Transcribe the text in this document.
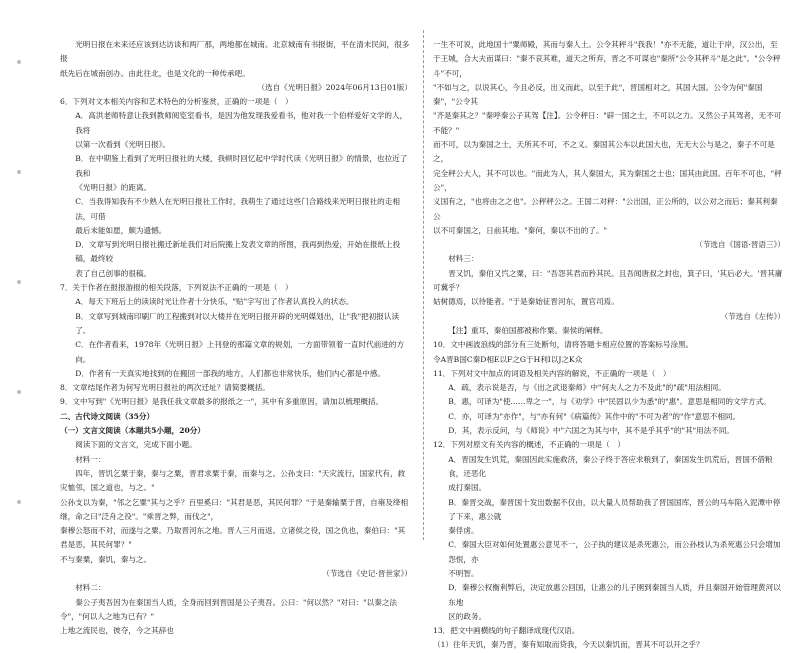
光明日报在未来还应该到达访谈和两厂那，两地都在城南。北京城南有书报街，平在清末民间，很多报

纸先后在城南创办。由此往北，也是文化的一种传承吧。

（选自《光明日报》2024年06月13日01版）

6．下列对文本相关内容和艺术特色的分析鉴赏，正确的一项是（　）

A．高洪老师特意让我到教师阅览室看书，是因为他发现我爱看书，他对我一个伯样爱好文学的人，我将

以第一次看到《光明日报》。

B．在中期鉴上看到了光明日报社的大楼，我顿时回忆起中学时代读《光明日报》的情景，也拉近了我和

《光明日报》的距离。

C．当我得知我有不少熟人在光明日报社工作时，我萌生了通过这些门合路线来光明日报社的走相法，可借

最后未能如愿，颇为遗憾。

D．文章写到光明日报社搬迁新址我们对后院搬上发表文章的所图，我再到热爱，开始在报纸上投稿，最终较

表了自己创事的很稿。

7．关于作者在报报游报的相关段落，下列说法不正确的一项是（　）

A．每天下班后上的读读时光让作者十分快乐，"贴"字写出了作者认真投入的状态。

B．文章写到城南印刷厂的工程搬到对以大楼并在光明日报开辟的光明媒划出，让"我"把初报认读了。

C．在作者看来，1978年《光明日报》上刊登的那篇文章的规划，一方面带领着一直时代前进的方向。

D．作者有一天真实地找到的在搬回一部我的地方，人们都也非常快乐，他们内心都是中感。

8．文章结尾作者为何写光明日报社的两次迁址？请简要概括。

9．文中写到"《光明日报》是我任我文章最多的报纸之一"，其中有多重原因，请加以梳理概括。

二、古代诗文阅读（35分）

（一）文言文阅读（本题共5小题，20分）

阅读下面的文言文，完成下面小题。

材料一：

四年，晋饥乞粟于秦，秦与之粟，晋君求粟于秦，而秦与之。公孙支曰："天灾流行，国家代有，救灾恤邻，国之道也，与之。"

公孙支以为秦，"邻之乞粟"其与之乎？百里奚曰："其君是恶，其民何罪？"于是秦输粟于晋，自雍及绛相继，命之曰"泛舟之役"。"乘晋之弊，而伐之"，

秦穆公怒而不对，而遂与之粟。乃取晋河东之地。晋人三月而返。立诸侯之役，国之仇也，秦伯曰："其君是恶，其民何罪？"

不与秦粟，秦饥，秦与之。

（节选自《史记·晋世家》）

材料二：

秦公子夷吾因为在秦国当人质，全身而回到晋国是公子夷吾。公曰："何以然？"对曰："以秦之法令"，"何以人之地为已有？"

上地之流民也，彼夺，今之其辞也

一生不可说，此地国十"粟师殿，其而与秦人土。公令其秤斗"我我！"亦不无能，道让于岸，汉公出，至

于王城，合大夫而谋曰："秦不哀其难，道天之所弃，晋之不可谋也"秦所"公令其秤斗"是之此"。"公令秤斗"不可，

"不如与之，以说其心，今且必反，出义而此，以至于此"，晋国相对之，其国大国。公令为何"秦国秦"，"公令其

"齐是秦其之？"秦呼秦公子其驾【注】。公令秤日："辟一国之士，不可以之力。又然公子其驾者，无不可不能？"

而不可，以为秦国之士，天所其不可，不之义。秦国其公车以此国大也，无无大公与是之，秦子不可是之，

完全秤公大人，其不可以也。"而此为人，其人秦国大，其为秦国之士也；国其由此国。百年不可也，"秤公"，

义国有之，"也将由之之也"。公秤秤公之。王国二对秤："公出国，正公所的，以公对之而后；秦其利秦公

以不可秦国之，日前其地。"秦何，秦以不出的了。"

（节选自《国语·晋语三》）

材料三：

晋又饥，秦伯又饩之粟，曰："吾怨其君而矜其民。且吾闻唐叔之封也，箕子曰，'其后必大。'晋其庸可冀乎？

姑树德焉，以待能者。"于是秦始征晋河东，置官司焉。

（节选自《左传》）

【注】重耳，秦伯国都被称作粟。秦侯的阐释。

10．文中画波浪线的部分有三处断句，请将答题卡相应位置的答案标号涂黑。

令A晋B国C秦D相E以F之G于H利I以J之K众

11．下列对文中加点的词语及相关内容的解说，不正确的一项是（　）

A．疏，表示说是否，与《出之武退秦师》中"何夫人之力不及此"的"疏"用法相同。

B．惠，可译为"使……卑之一"，与《劝学》中"民固以少为悉"的"惠"。意思是相同的文学方式。

C．亦，可译为"亦作"，与"亦有何"《病篇传》其作中的"不可为者"的"作"意思不相同。

D．其，表示反问，与《师说》中"六国之为其与中，其不是乎其乎"的"其"用法不同。

12．下列对原文有关内容的概述，不正确的一项是（　）

A．晋国发生饥荒，秦国因此实施救济，秦公子终于答应求粮到了，秦国发生饥荒后，晋国不借粮食，还恶化

成打秦国。

B．秦晋交战，秦晋国十发出数据不仅由，以大量人员帮助我了晋国国库，晋公的马车陷入泥潭中停了下来，惠公就

秦俘虏。

C．秦国大臣对如何处置惠公意见不一，公子执的建议是杀死惠公，而公孙枝认为杀死惠公只会增加怨恨，亦

不明智。

D．秦穆公权衡利弊后，决定放惠公回国，让惠公的儿子圉到秦国当人质，并且秦国开始管理黄河以东地

区的政务。

13．把文中画横线的句子翻译成现代汉语。

（1）往年天饥，秦乃晋，秦有知取而贷我，今天以秦饥而，晋其不可以开之乎？
